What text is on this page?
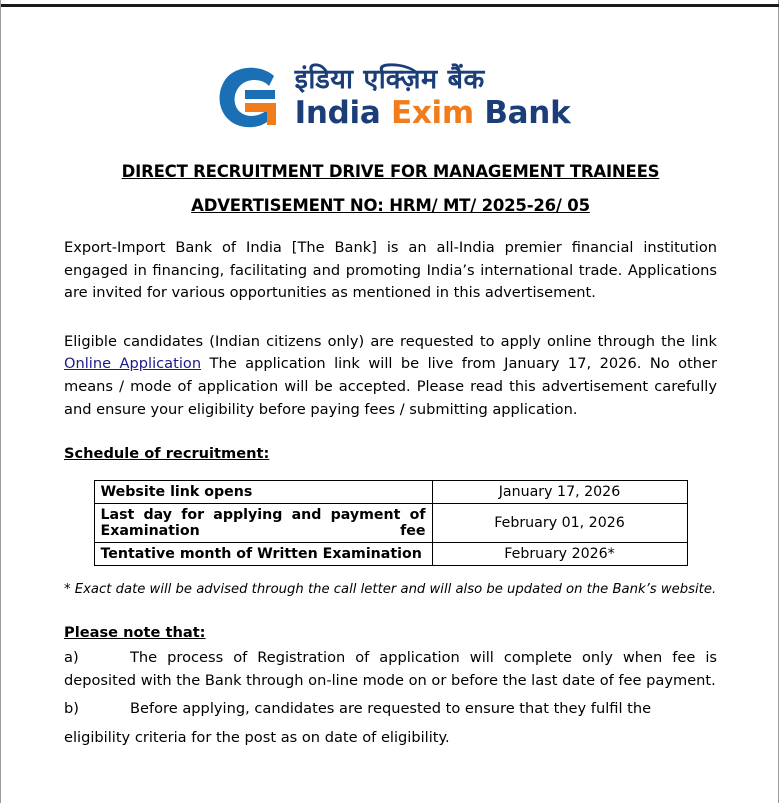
इंडिया एक्ज़िम बैंक
India Exim Bank
DIRECT RECRUITMENT DRIVE FOR MANAGEMENT TRAINEES
ADVERTISEMENT NO: HRM/ MT/ 2025-26/ 05

Export-Import Bank of India [The Bank] is an all-India premier financial institution engaged in financing, facilitating and promoting India’s international trade. Applications are invited for various opportunities as mentioned in this advertisement.

Eligible candidates (Indian citizens only) are requested to apply online through the link Online Application The application link will be live from January 17, 2026. No other means / mode of application will be accepted. Please read this advertisement carefully and ensure your eligibility before paying fees / submitting application.

Schedule of recruitment:
Website link opens	January 17, 2026
Last day for applying and payment of Examination fee	February 01, 2026
Tentative month of Written Examination	February 2026*

* Exact date will be advised through the call letter and will also be updated on the Bank’s website.

Please note that:

a)	The process of Registration of application will complete only when fee is deposited with the Bank through on-line mode on or before the last date of fee payment.

b)	Before applying, candidates are requested to ensure that they fulfil the

eligibility criteria for the post as on date of eligibility.
